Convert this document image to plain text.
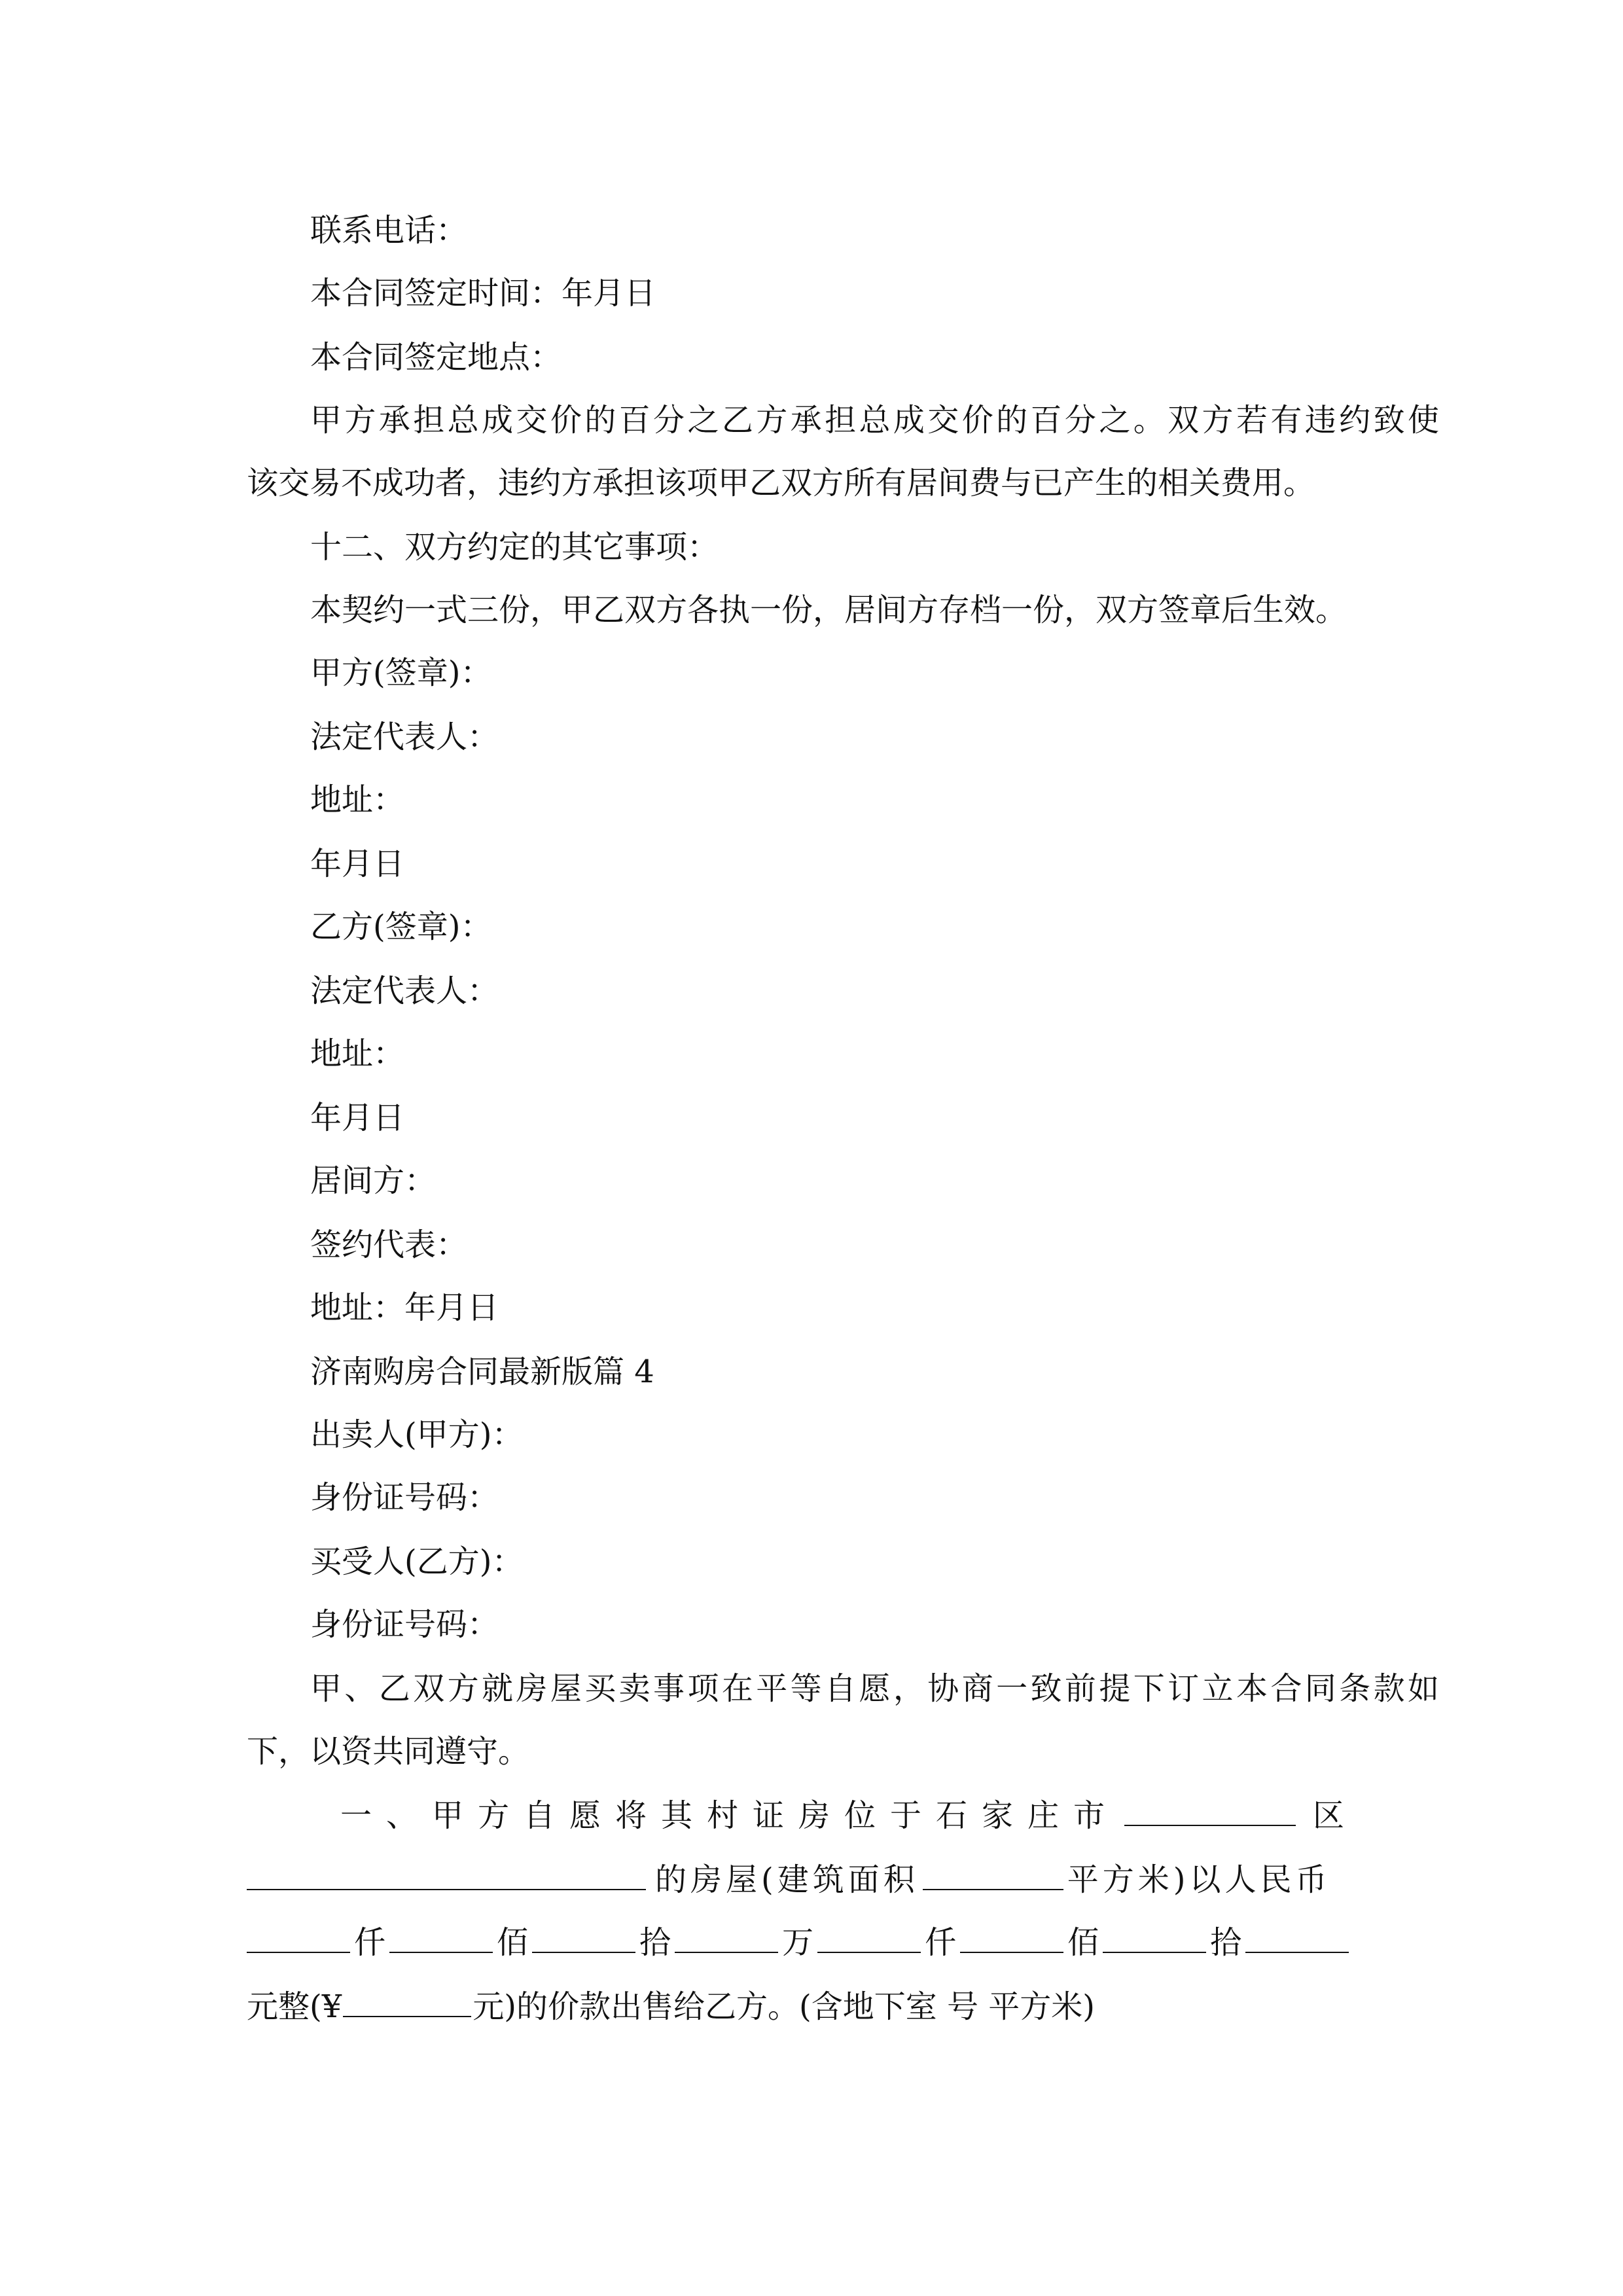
联系电话：
本合同签定时间：年月日
本合同签定地点：
甲方承担总成交价的百分之乙方承担总成交价的百分之。双方若有违约致使
该交易不成功者，违约方承担该项甲乙双方所有居间费与已产生的相关费用。
十二、双方约定的其它事项：
本契约一式三份，甲乙双方各执一份，居间方存档一份，双方签章后生效。
甲方(签章)：
法定代表人：
地址：
年月日
乙方(签章)：
法定代表人：
地址：
年月日
居间方：
签约代表：
地址：年月日
济南购房合同最新版篇 4
出卖人(甲方)：
身份证号码：
买受人(乙方)：
身份证号码：
甲、乙双方就房屋买卖事项在平等自愿，协商一致前提下订立本合同条款如
下，以资共同遵守。
一、甲方自愿将其村证房位于石家庄市	区
的房屋(建筑面积	平方米)以人民币
仟	佰	拾	万	仟	佰	拾
元整(¥	元)的价款出售给乙方。(含地下室 号 平方米)
